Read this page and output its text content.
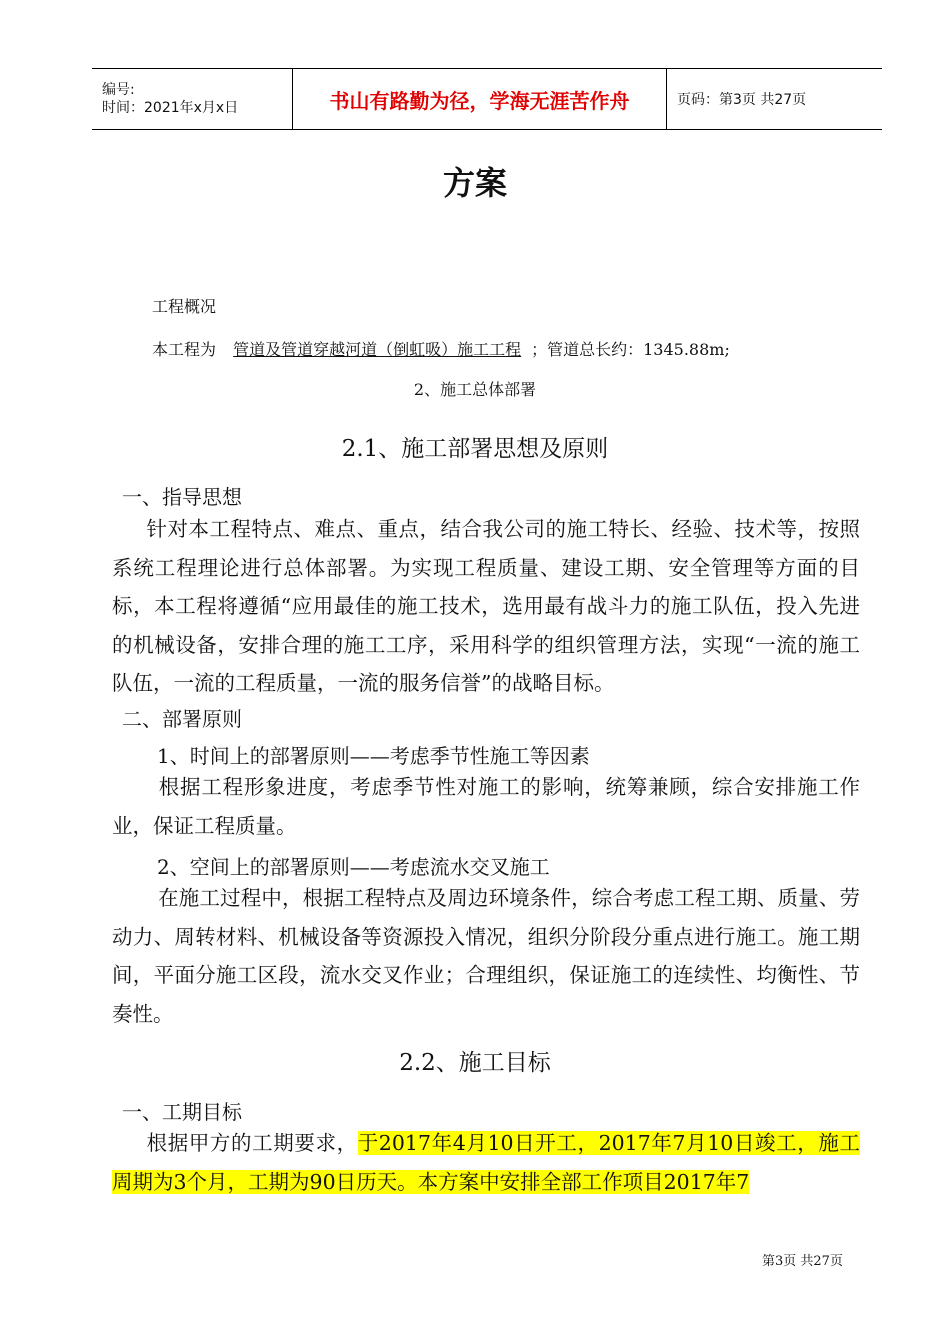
编号:
时间：2021年x月x日	书山有路勤为径，学海无涯苦作舟	页码：第3页 共27页
方案
工程概况
本工程为 管道及管道穿越河道（倒虹吸）施工工程 ；管道总长约：1345.88m;
2、施工总体部署
2.1、施工部署思想及原则
一、指导思想
针对本工程特点、难点、重点，结合我公司的施工特长、经验、技术等，按照系统工程理论进行总体部署。为实现工程质量、建设工期、安全管理等方面的目标，本工程将遵循“应用最佳的施工技术，选用最有战斗力的施工队伍，投入先进的机械设备，安排合理的施工工序，采用科学的组织管理方法，实现“一流的施工队伍，一流的工程质量，一流的服务信誉”的战略目标。
二、部署原则
1、时间上的部署原则——考虑季节性施工等因素
根据工程形象进度，考虑季节性对施工的影响，统筹兼顾，综合安排施工作业，保证工程质量。
2、空间上的部署原则——考虑流水交叉施工
在施工过程中，根据工程特点及周边环境条件，综合考虑工程工期、质量、劳动力、周转材料、机械设备等资源投入情况，组织分阶段分重点进行施工。施工期间，平面分施工区段，流水交叉作业；合理组织，保证施工的连续性、均衡性、节奏性。
2.2、施工目标
一、工期目标
根据甲方的工期要求，于2017年4月10日开工，2017年7月10日竣工，施工周期为3个月，工期为90日历天。本方案中安排全部工作项目2017年7
第3页 共27页
